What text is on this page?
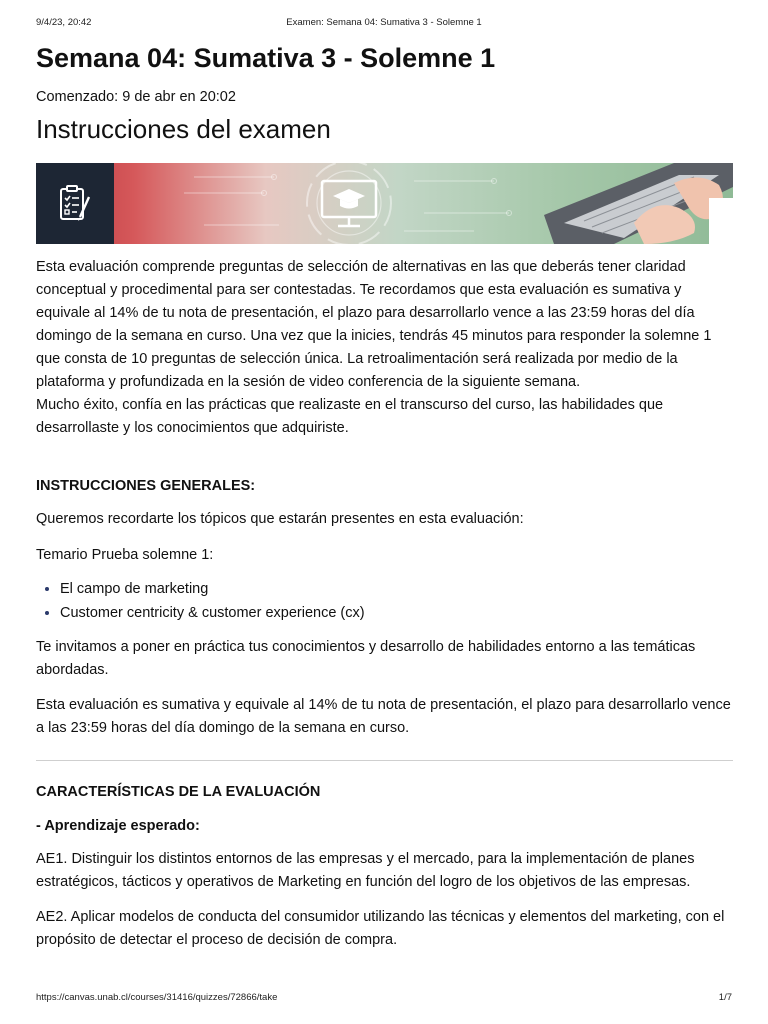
9/4/23, 20:42	Examen: Semana 04: Sumativa 3 - Solemne 1
Semana 04: Sumativa 3 - Solemne 1
Comenzado: 9 de abr en 20:02
Instrucciones del examen

Esta evaluación comprende preguntas de selección de alternativas en las que deberás tener claridad conceptual y procedimental para ser contestadas. Te recordamos que esta evaluación es sumativa y equivale al 14% de tu nota de presentación, el plazo para desarrollarlo vence a las 23:59 horas del día domingo de la semana en curso. Una vez que la inicies, tendrás 45 minutos para responder la solemne 1 que consta de 10 preguntas de selección única. La retroalimentación será realizada por medio de la plataforma y profundizada en la sesión de video conferencia de la siguiente semana.

Mucho éxito, confía en las prácticas que realizaste en el transcurso del curso, las habilidades que desarrollaste y los conocimientos que adquiriste.

INSTRUCCIONES GENERALES:

Queremos recordarte los tópicos que estarán presentes en esta evaluación:

Temario Prueba solemne 1:

• El campo de marketing
• Customer centricity & customer experience (cx)

Te invitamos a poner en práctica tus conocimientos y desarrollo de habilidades entorno a las temáticas abordadas.

Esta evaluación es sumativa y equivale al 14% de tu nota de presentación, el plazo para desarrollarlo vence a las 23:59 horas del día domingo de la semana en curso.

CARACTERÍSTICAS DE LA EVALUACIÓN
- Aprendizaje esperado:

AE1. Distinguir los distintos entornos de las empresas y el mercado, para la implementación de planes estratégicos, tácticos y operativos de Marketing en función del logro de los objetivos de las empresas.

AE2. Aplicar modelos de conducta del consumidor utilizando las técnicas y elementos del marketing, con el propósito de detectar el proceso de decisión de compra.

https://canvas.unab.cl/courses/31416/quizzes/72866/take	1/7
